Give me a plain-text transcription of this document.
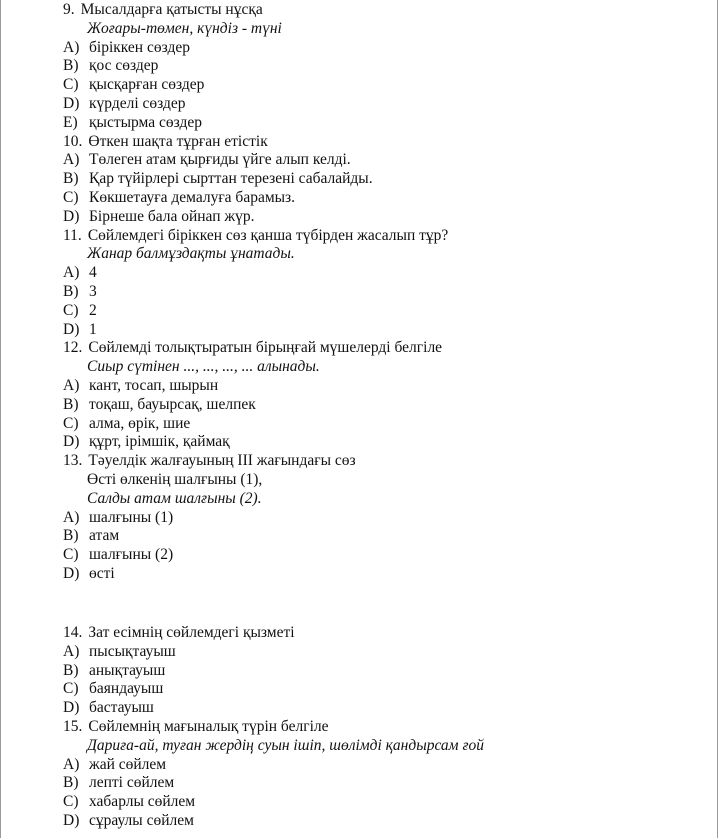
9. Мысалдарға қатысты нұсқа
Жоғары-төмен, күндіз - түні
A) біріккен сөздер
B) қос сөздер
C) қысқарған сөздер
D) күрделі сөздер
E) қыстырма сөздер
10. Өткен шақта тұрған етістік
A) Төлеген атам қырғиды үйге алып келді.
B) Қар түйірлері сырттан терезені сабалайды.
C) Көкшетауға демалуға барамыз.
D) Бірнеше бала ойнап жүр.
11. Сөйлемдегі біріккен сөз қанша түбірден жасалып тұр?
Жанар балмұздақты ұнатады.
A) 4
B) 3
C) 2
D) 1
12. Сөйлемді толықтыратын бірыңғай мүшелерді белгіле
Сиыр сүтінен ..., ..., ..., ... алынады.
A) кант, тосап, шырын
B) тоқаш, бауырсақ, шелпек
C) алма, өрік, шие
D) құрт, ірімшік, қаймақ
13. Тәуелдік жалғауының ІІІ жағындағы сөз
Өсті өлкенің шалғыны (1),
Салды атам шалғыны (2).
A) шалғыны (1)
B) атам
C) шалғыны (2)
D) өсті
14. Зат есімнің сөйлемдегі қызметі
A) пысықтауыш
B) анықтауыш
C) баяндауыш
D) бастауыш
15. Сөйлемнің мағыналық түрін белгіле
Дариға-ай, туған жердің суын ішіп, шөлімді қандырсам ғой
A) жай сөйлем
B) лепті сөйлем
C) хабарлы сөйлем
D) сұраулы сөйлем
